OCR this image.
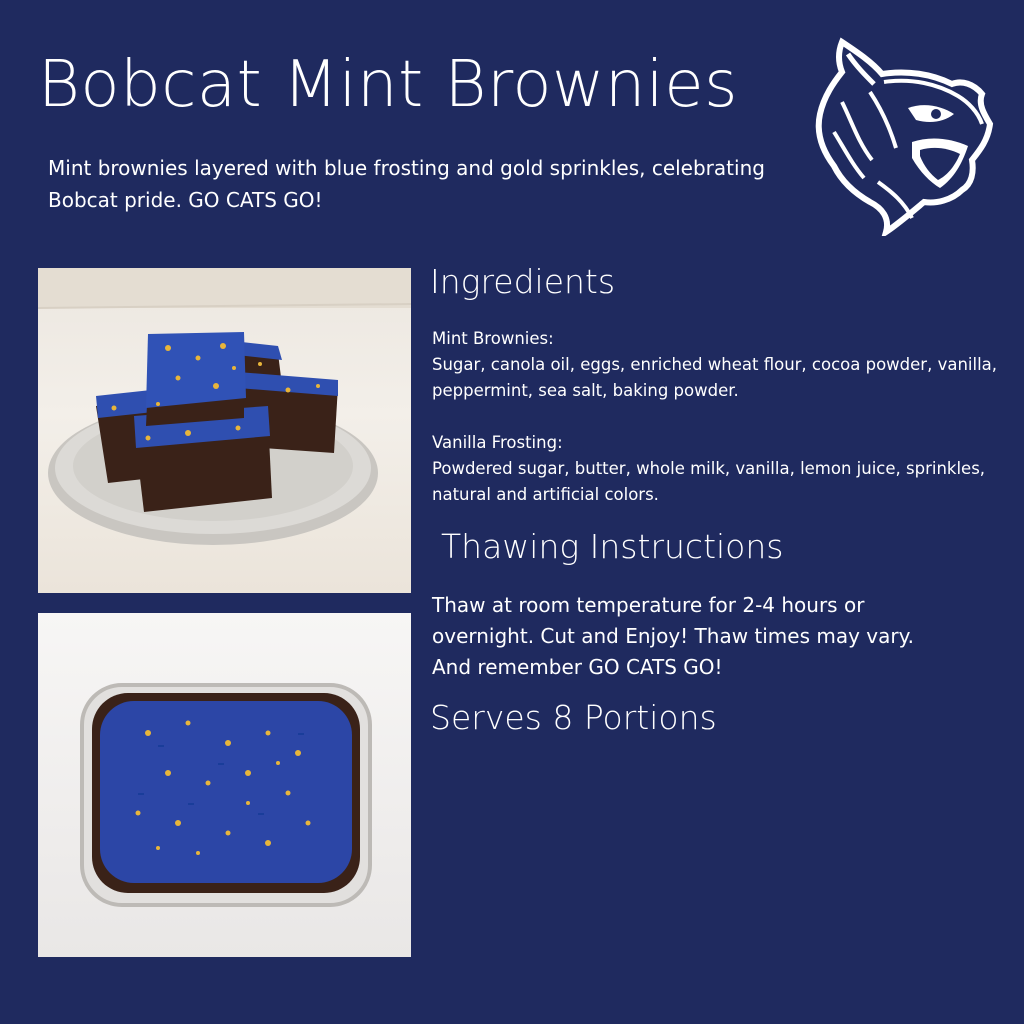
Bobcat Mint Brownies
Mint brownies layered with blue frosting and gold sprinkles, celebrating Bobcat pride. GO CATS GO!
Ingredients

Mint Brownies:
Sugar, canola oil, eggs, enriched wheat flour, cocoa powder, vanilla, peppermint, sea salt, baking powder.

Vanilla Frosting:
Powdered sugar, butter, whole milk, vanilla, lemon juice, sprinkles, natural and artificial colors.

Thawing Instructions
Thaw at room temperature for 2-4 hours or overnight. Cut and Enjoy! Thaw times may vary. And remember GO CATS GO!
Serves 8 Portions
